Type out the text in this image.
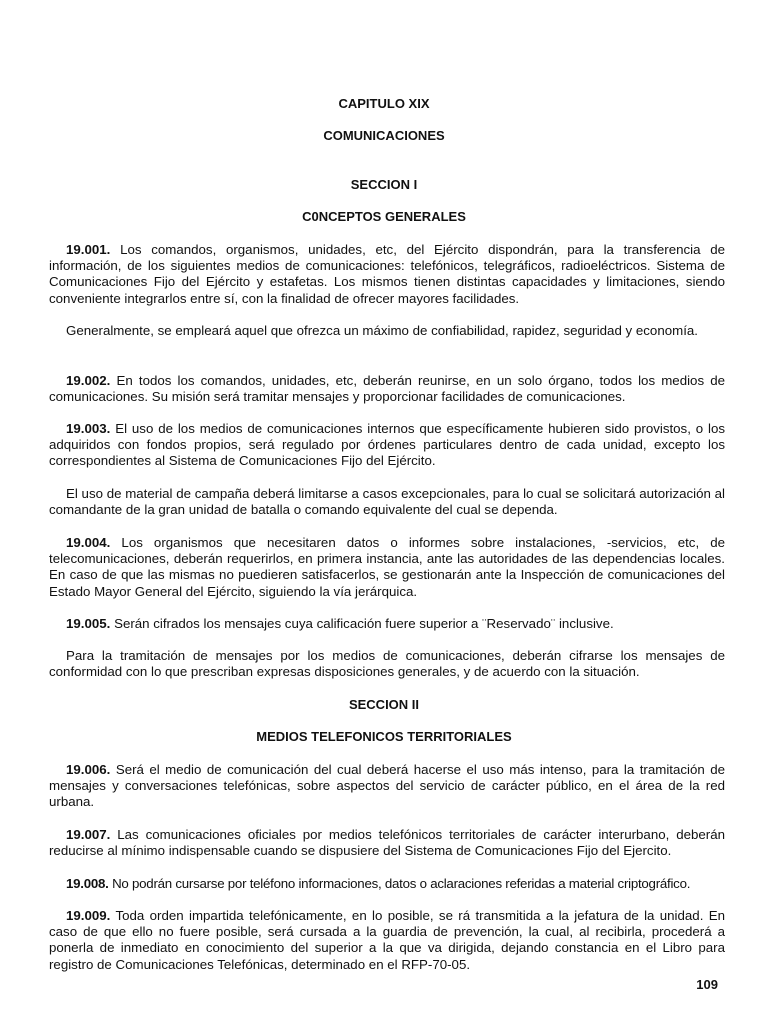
CAPITULO XIX
COMUNICACIONES
SECCION I
C0NCEPTOS GENERALES
19.001. Los comandos, organismos, unidades, etc, del Ejército dispondrán, para la transferencia de información, de los siguientes medios de comunicaciones: telefónicos, telegráficos, radioeléctricos. Sistema de Comunicaciones Fijo del Ejército y estafetas. Los mismos tienen distintas capacidades y limitaciones, siendo conveniente integrarlos entre sí, con la finalidad de ofrecer mayores facilidades.
Generalmente, se empleará aquel que ofrezca un máximo de confiabilidad, rapidez, seguridad y economía.
19.002. En todos los comandos, unidades, etc, deberán reunirse, en un solo órgano, todos los medios de comunicaciones. Su misión será tramitar mensajes y proporcionar facilidades de comunicaciones.
19.003. El uso de los medios de comunicaciones internos que específicamente hubieren sido provistos, o los adquiridos con fondos propios, será regulado por órdenes particulares dentro de cada unidad, excepto los correspondientes al Sistema de Comunicaciones Fijo del Ejército.
El uso de material de campaña deberá limitarse a casos excepcionales, para lo cual se solicitará autorización al comandante de la gran unidad de batalla o comando equivalente del cual se dependa.
19.004. Los organismos que necesitaren datos o informes sobre instalaciones, -servicios, etc, de telecomunicaciones, deberán requerirlos, en primera instancia, ante las autoridades de las dependencias locales. En caso de que las mismas no puedieren satisfacerlos, se gestionarán ante la Inspección de comunicaciones del Estado Mayor General del Ejército, siguiendo la vía jerárquica.
19.005. Serán cifrados los mensajes cuya calificación fuere superior a ¨Reservado¨ inclusive.
Para la tramitación de mensajes por los medios de comunicaciones, deberán cifrarse los mensajes de conformidad con lo que prescriban expresas disposiciones generales, y de acuerdo con la situación.
SECCION II
MEDIOS TELEFONICOS TERRITORIALES
19.006. Será el medio de comunicación del cual deberá hacerse el uso más intenso, para la tramitación de mensajes y conversaciones telefónicas, sobre aspectos del servicio de carácter público, en el área de la red urbana.
19.007. Las comunicaciones oficiales por medios telefónicos territoriales de carácter interurbano, deberán reducirse al mínimo indispensable cuando se dispusiere del Sistema de Comunicaciones Fijo del Ejercito.
19.008. No podrán cursarse por teléfono informaciones, datos o aclaraciones referidas a material criptográfico.
19.009. Toda orden impartida telefónicamente, en lo posible, se rá transmitida a la jefatura de la unidad. En caso de que ello no fuere posible, será cursada a la guardia de prevención, la cual, al recibirla, procederá a ponerla de inmediato en conocimiento del superior a la que va dirigida, dejando constancia en el Libro para registro de Comunicaciones Telefónicas, determinado en el RFP-70-05.
109
